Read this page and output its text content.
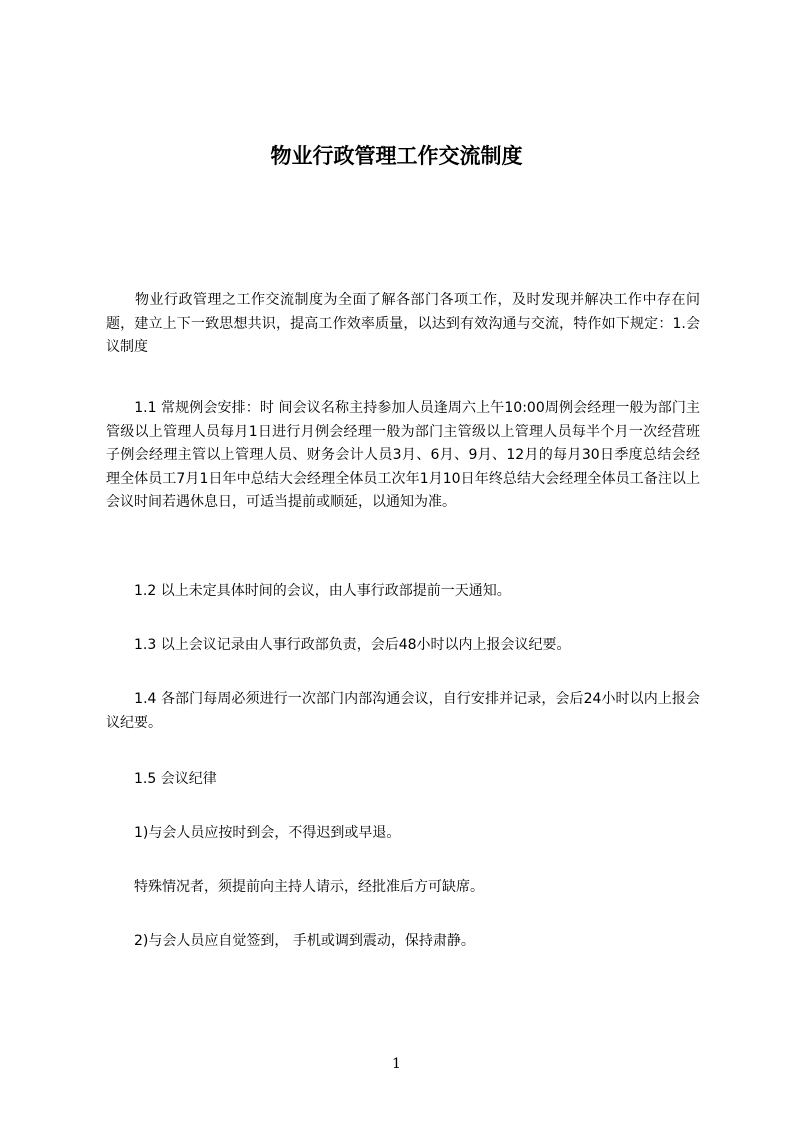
物业行政管理工作交流制度

　　物业行政管理之工作交流制度为全面了解各部门各项工作，及时发现并解决工作中存在问题，建立上下一致思想共识，提高工作效率质量，以达到有效沟通与交流，特作如下规定：1.会议制度

　　1.1 常规例会安排：时 间会议名称主持参加人员逢周六上午10:00周例会经理一般为部门主管级以上管理人员每月1日进行月例会经理一般为部门主管级以上管理人员每半个月一次经营班子例会经理主管以上管理人员、财务会计人员3月、6月、9月、12月的每月30日季度总结会经理全体员工7月1日年中总结大会经理全体员工次年1月10日年终总结大会经理全体员工备注以上会议时间若遇休息日，可适当提前或顺延，以通知为准。

　　1.2 以上未定具体时间的会议，由人事行政部提前一天通知。

　　1.3 以上会议记录由人事行政部负责，会后48小时以内上报会议纪要。

　　1.4 各部门每周必须进行一次部门内部沟通会议，自行安排并记录，会后24小时以内上报会议纪要。

　　1.5 会议纪律

　　1)与会人员应按时到会，不得迟到或早退。

　　特殊情况者，须提前向主持人请示，经批准后方可缺席。

　　2)与会人员应自觉签到， 手机或调到震动，保持肃静。

1
